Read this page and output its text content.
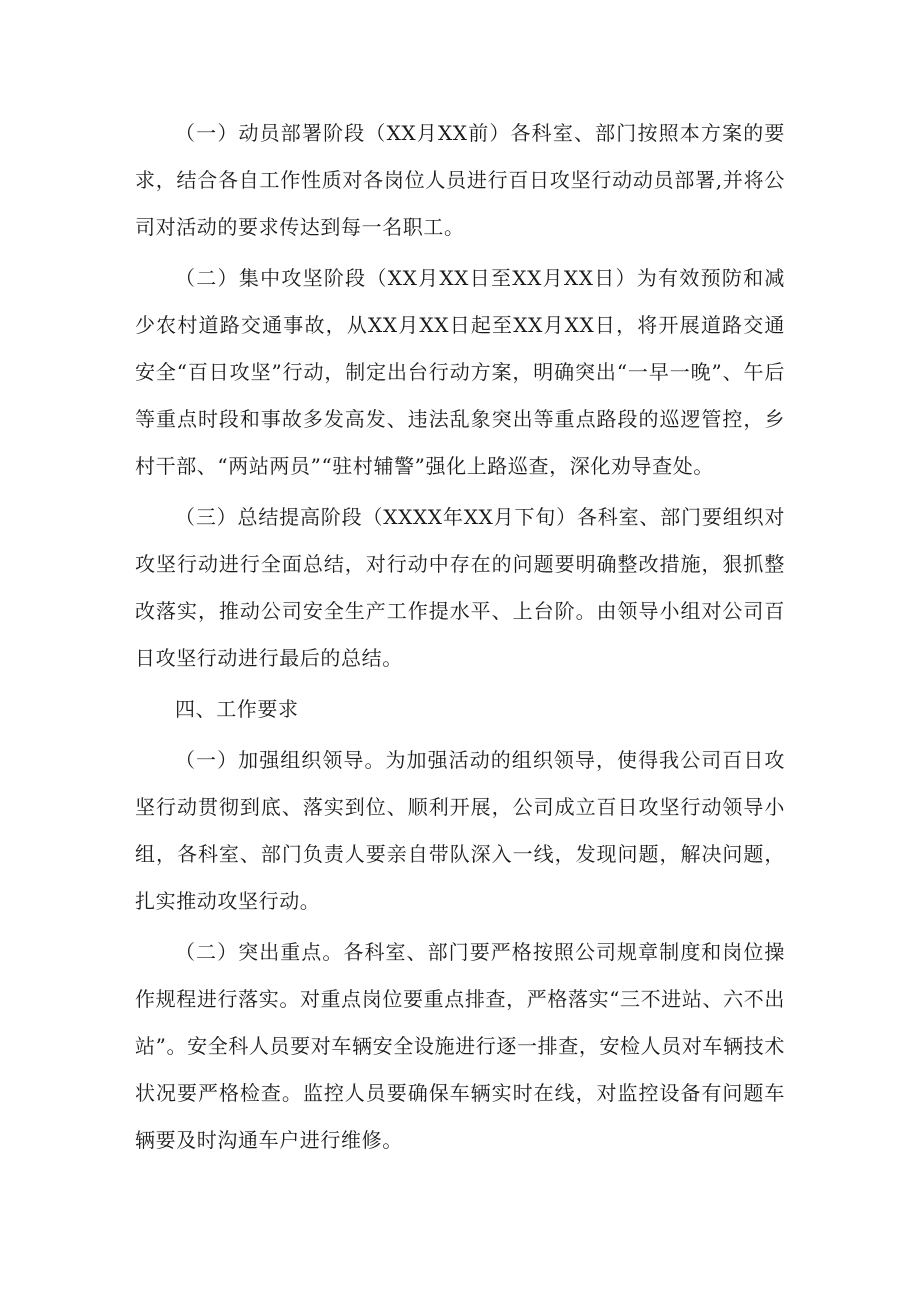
（一）动员部署阶段（XX月XX前）各科室、部门按照本方案的要求，结合各自工作性质对各岗位人员进行百日攻坚行动动员部署,并将公司对活动的要求传达到每一名职工。

（二）集中攻坚阶段（XX月XX日至XX月XX日）为有效预防和减少农村道路交通事故，从XX月XX日起至XX月XX日，将开展道路交通安全“百日攻坚”行动，制定出台行动方案，明确突出“一早一晚”、午后等重点时段和事故多发高发、违法乱象突出等重点路段的巡逻管控，乡村干部、“两站两员”“驻村辅警”强化上路巡查，深化劝导查处。

（三）总结提高阶段（XXXX年XX月下旬）各科室、部门要组织对攻坚行动进行全面总结，对行动中存在的问题要明确整改措施，狠抓整改落实，推动公司安全生产工作提水平、上台阶。由领导小组对公司百日攻坚行动进行最后的总结。

四、工作要求

（一）加强组织领导。为加强活动的组织领导，使得我公司百日攻坚行动贯彻到底、落实到位、顺利开展，公司成立百日攻坚行动领导小组，各科室、部门负责人要亲自带队深入一线，发现问题，解决问题，扎实推动攻坚行动。

（二）突出重点。各科室、部门要严格按照公司规章制度和岗位操作规程进行落实。对重点岗位要重点排查，严格落实“三不进站、六不出站”。安全科人员要对车辆安全设施进行逐一排查，安检人员对车辆技术状况要严格检查。监控人员要确保车辆实时在线，对监控设备有问题车辆要及时沟通车户进行维修。
